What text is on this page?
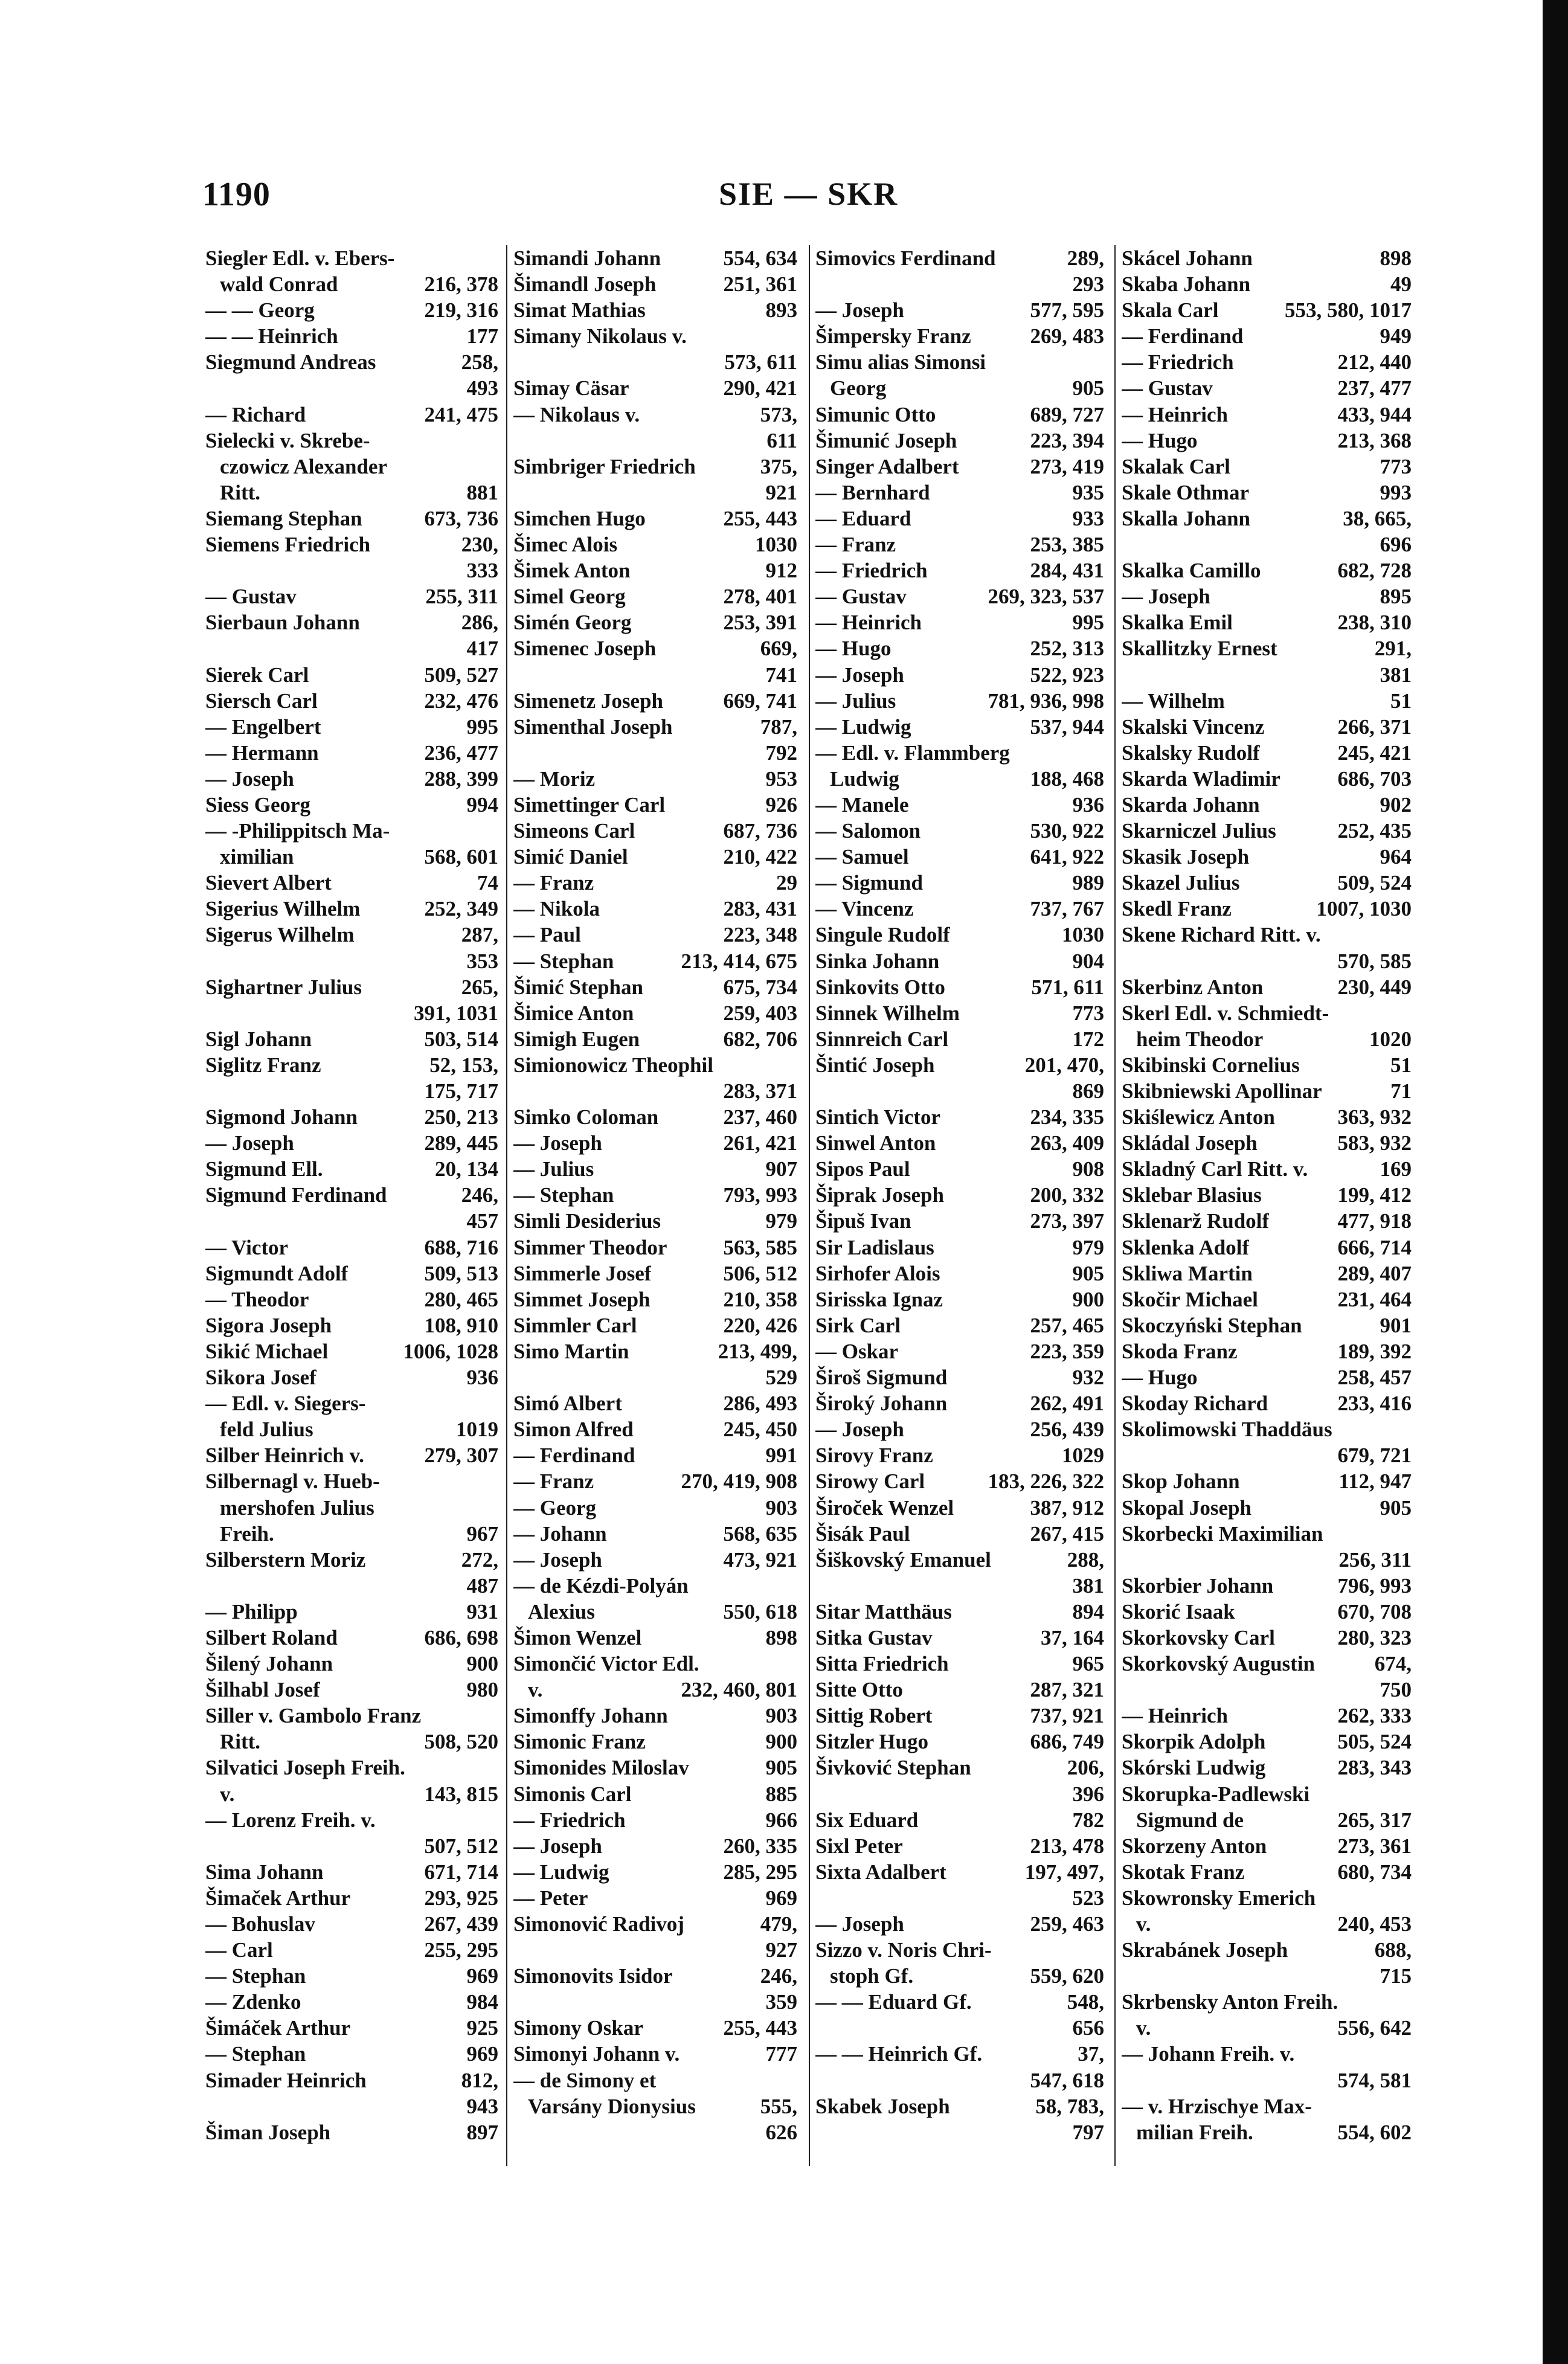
1190	SIE — SKR
Siegler Edl. v. Ebers-
wald Conrad	216, 378
— — Georg	219, 316
— — Heinrich	177
Siegmund Andreas	258,
493
— Richard	241, 475
Sielecki v. Skrebe-
czowicz Alexander
Ritt.	881
Siemang Stephan	673, 736
Siemens Friedrich	230,
333
— Gustav	255, 311
Sierbaun Johann	286,
417
Sierek Carl	509, 527
Siersch Carl	232, 476
— Engelbert	995
— Hermann	236, 477
— Joseph	288, 399
Siess Georg	994
— -Philippitsch Ma-
ximilian	568, 601
Sievert Albert	74
Sigerius Wilhelm	252, 349
Sigerus Wilhelm	287,
353
Sighartner Julius	265,
391, 1031
Sigl Johann	503, 514
Siglitz Franz	52, 153,
175, 717
Sigmond Johann	250, 213
— Joseph	289, 445
Sigmund Ell.	20, 134
Sigmund Ferdinand	246,
457
— Victor	688, 716
Sigmundt Adolf	509, 513
— Theodor	280, 465
Sigora Joseph	108, 910
Sikić Michael	1006, 1028
Sikora Josef	936
— Edl. v. Siegers-
feld Julius	1019
Silber Heinrich v.	279, 307
Silbernagl v. Hueb-
mershofen Julius
Freih.	967
Silberstern Moriz	272,
487
— Philipp	931
Silbert Roland	686, 698
Šilený Johann	900
Šilhabl Josef	980
Siller v. Gambolo Franz
Ritt.	508, 520
Silvatici Joseph Freih.
v.	143, 815
— Lorenz Freih. v.
507, 512
Sima Johann	671, 714
Šimaček Arthur	293, 925
— Bohuslav	267, 439
— Carl	255, 295
— Stephan	969
— Zdenko	984
Šimáček Arthur	925
— Stephan	969
Simader Heinrich	812,
943
Šiman Joseph	897
Simandi Johann	554, 634
Šimandl Joseph	251, 361
Simat Mathias	893
Simany Nikolaus v.
573, 611
Simay Cäsar	290, 421
— Nikolaus v.	573,
611
Simbriger Friedrich	375,
921
Simchen Hugo	255, 443
Šimec Alois	1030
Šimek Anton	912
Simel Georg	278, 401
Simén Georg	253, 391
Simenec Joseph	669,
741
Simenetz Joseph	669, 741
Simenthal Joseph	787,
792
— Moriz	953
Simettinger Carl	926
Simeons Carl	687, 736
Simić Daniel	210, 422
— Franz	29
— Nikola	283, 431
— Paul	223, 348
— Stephan	213, 414, 675
Šimić Stephan	675, 734
Šimice Anton	259, 403
Simigh Eugen	682, 706
Simionowicz Theophil
283, 371
Simko Coloman	237, 460
— Joseph	261, 421
— Julius	907
— Stephan	793, 993
Simli Desiderius	979
Simmer Theodor	563, 585
Simmerle Josef	506, 512
Simmet Joseph	210, 358
Simmler Carl	220, 426
Simo Martin	213, 499,
529
Simó Albert	286, 493
Simon Alfred	245, 450
— Ferdinand	991
— Franz	270, 419, 908
— Georg	903
— Johann	568, 635
— Joseph	473, 921
— de Kézdi-Polyán
Alexius	550, 618
Šimon Wenzel	898
Simončić Victor Edl.
v.	232, 460, 801
Simonffy Johann	903
Simonic Franz	900
Simonides Miloslav	905
Simonis Carl	885
— Friedrich	966
— Joseph	260, 335
— Ludwig	285, 295
— Peter	969
Simonović Radivoj	479,
927
Simonovits Isidor	246,
359
Simony Oskar	255, 443
Simonyi Johann v.	777
— de Simony et
Varsány Dionysius	555,
626
Simovics Ferdinand	289,
293
— Joseph	577, 595
Šimpersky Franz	269, 483
Simu alias Simonsi
Georg	905
Simunic Otto	689, 727
Šimunić Joseph	223, 394
Singer Adalbert	273, 419
— Bernhard	935
— Eduard	933
— Franz	253, 385
— Friedrich	284, 431
— Gustav	269, 323, 537
— Heinrich	995
— Hugo	252, 313
— Joseph	522, 923
— Julius	781, 936, 998
— Ludwig	537, 944
— Edl. v. Flammberg
Ludwig	188, 468
— Manele	936
— Salomon	530, 922
— Samuel	641, 922
— Sigmund	989
— Vincenz	737, 767
Singule Rudolf	1030
Sinka Johann	904
Sinkovits Otto	571, 611
Sinnek Wilhelm	773
Sinnreich Carl	172
Šintić Joseph	201, 470,
869
Sintich Victor	234, 335
Sinwel Anton	263, 409
Sipos Paul	908
Šiprak Joseph	200, 332
Šipuš Ivan	273, 397
Sir Ladislaus	979
Sirhofer Alois	905
Sirisska Ignaz	900
Sirk Carl	257, 465
— Oskar	223, 359
Široš Sigmund	932
Široký Johann	262, 491
— Joseph	256, 439
Sirovy Franz	1029
Sirowy Carl	183, 226, 322
Široček Wenzel	387, 912
Šisák Paul	267, 415
Šiškovský Emanuel	288,
381
Sitar Matthäus	894
Sitka Gustav	37, 164
Sitta Friedrich	965
Sitte Otto	287, 321
Sittig Robert	737, 921
Sitzler Hugo	686, 749
Šivković Stephan	206,
396
Six Eduard	782
Sixl Peter	213, 478
Sixta Adalbert	197, 497,
523
— Joseph	259, 463
Sizzo v. Noris Chri-
stoph Gf.	559, 620
— — Eduard Gf.	548,
656
— — Heinrich Gf.	37,
547, 618
Skabek Joseph	58, 783,
797
Skácel Johann	898
Skaba Johann	49
Skala Carl	553, 580, 1017
— Ferdinand	949
— Friedrich	212, 440
— Gustav	237, 477
— Heinrich	433, 944
— Hugo	213, 368
Skalak Carl	773
Skale Othmar	993
Skalla Johann	38, 665,
696
Skalka Camillo	682, 728
— Joseph	895
Skalka Emil	238, 310
Skallitzky Ernest	291,
381
— Wilhelm	51
Skalski Vincenz	266, 371
Skalsky Rudolf	245, 421
Skarda Wladimir	686, 703
Skarda Johann	902
Skarniczel Julius	252, 435
Skasik Joseph	964
Skazel Julius	509, 524
Skedl Franz	1007, 1030
Skene Richard Ritt. v.
570, 585
Skerbinz Anton	230, 449
Skerl Edl. v. Schmiedt-
heim Theodor	1020
Skibinski Cornelius	51
Skibniewski Apollinar	71
Skiślewicz Anton	363, 932
Skládal Joseph	583, 932
Skladný Carl Ritt. v.	169
Sklebar Blasius	199, 412
Sklenarž Rudolf	477, 918
Sklenka Adolf	666, 714
Skliwa Martin	289, 407
Skočir Michael	231, 464
Skoczyński Stephan	901
Skoda Franz	189, 392
— Hugo	258, 457
Skoday Richard	233, 416
Skolimowski Thaddäus
679, 721
Skop Johann	112, 947
Skopal Joseph	905
Skorbecki Maximilian
256, 311
Skorbier Johann	796, 993
Skorić Isaak	670, 708
Skorkovsky Carl	280, 323
Skorkovský Augustin	674,
750
— Heinrich	262, 333
Skorpik Adolph	505, 524
Skórski Ludwig	283, 343
Skorupka-Padlewski
Sigmund de	265, 317
Skorzeny Anton	273, 361
Skotak Franz	680, 734
Skowronsky Emerich
v.	240, 453
Skrabánek Joseph	688,
715
Skrbensky Anton Freih.
v.	556, 642
— Johann Freih. v.
574, 581
— v. Hrzischye Max-
milian Freih.	554, 602
